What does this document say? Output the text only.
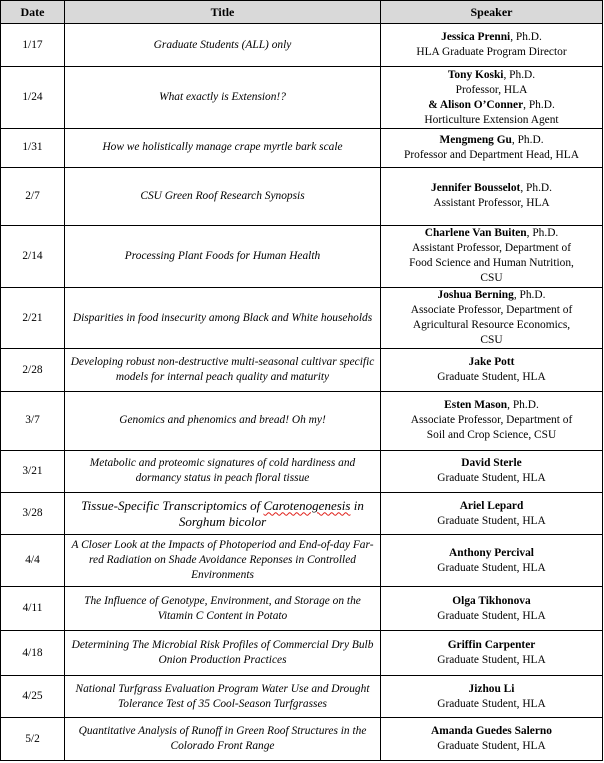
Date	Title	Speaker
1/17	Graduate Students (ALL) only	Jessica Prenni, Ph.D.
HLA Graduate Program Director

1/24	What exactly is Extension!?	Tony Koski, Ph.D.
Professor, HLA
& Alison O’Conner, Ph.D.
Horticulture Extension Agent

1/31	How we holistically manage crape myrtle bark scale	Mengmeng Gu, Ph.D.
Professor and Department Head, HLA

2/7	CSU Green Roof Research Synopsis	Jennifer Bousselot, Ph.D.
Assistant Professor, HLA

2/14	Processing Plant Foods for Human Health	Charlene Van Buiten, Ph.D.
Assistant Professor, Department of
Food Science and Human Nutrition,
CSU

2/21	Disparities in food insecurity among Black and White households	Joshua Berning, Ph.D.
Associate Professor, Department of
Agricultural Resource Economics,
CSU

2/28	Developing robust non-destructive multi-seasonal cultivar specific models for internal peach quality and maturity	Jake Pott
Graduate Student, HLA

3/7	Genomics and phenomics and bread! Oh my!	Esten Mason, Ph.D.
Associate Professor, Department of
Soil and Crop Science, CSU

3/21	Metabolic and proteomic signatures of cold hardiness and dormancy status in peach floral tissue	David Sterle
Graduate Student, HLA

3/28	Tissue-Specific Transcriptomics of Carotenogenesis in Sorghum bicolor	Ariel Lepard
Graduate Student, HLA

4/4	A Closer Look at the Impacts of Photoperiod and End-of-day Far-red Radiation on Shade Avoidance Reponses in Controlled Environments	Anthony Percival
Graduate Student, HLA

4/11	The Influence of Genotype, Environment, and Storage on the Vitamin C Content in Potato	Olga Tikhonova
Graduate Student, HLA

4/18	Determining The Microbial Risk Profiles of Commercial Dry Bulb Onion Production Practices	Griffin Carpenter
Graduate Student, HLA

4/25	National Turfgrass Evaluation Program Water Use and Drought Tolerance Test of 35 Cool-Season Turfgrasses	Jizhou Li
Graduate Student, HLA

5/2	Quantitative Analysis of Runoff in Green Roof Structures in the Colorado Front Range	Amanda Guedes Salerno
Graduate Student, HLA
